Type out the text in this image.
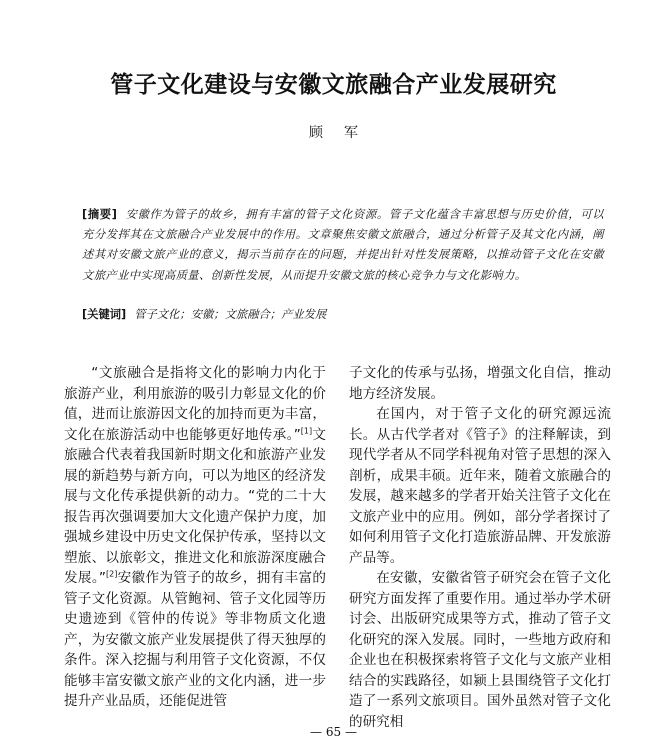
管子文化建设与安徽文旅融合产业发展研究
顾军
[摘要] 安徽作为管子的故乡，拥有丰富的管子文化资源。管子文化蕴含丰富思想与历史价值，可以充分发挥其在文旅融合产业发展中的作用。文章聚焦安徽文旅融合，通过分析管子及其文化内涵，阐述其对安徽文旅产业的意义，揭示当前存在的问题，并提出针对性发展策略，以推动管子文化在安徽文旅产业中实现高质量、创新性发展，从而提升安徽文旅的核心竞争力与文化影响力。
[关键词] 管子文化；安徽；文旅融合；产业发展

“文旅融合是指将文化的影响力内化于旅游产业，利用旅游的吸引力彰显文化的价值，进而让旅游因文化的加持而更为丰富，文化在旅游活动中也能够更好地传承。”[1]文旅融合代表着我国新时期文化和旅游产业发展的新趋势与新方向，可以为地区的经济发展与文化传承提供新的动力。“党的二十大报告再次强调要加大文化遗产保护力度，加强城乡建设中历史文化保护传承，坚持以文塑旅、以旅彰文，推进文化和旅游深度融合发展。”[2]安徽作为管子的故乡，拥有丰富的管子文化资源。从管鲍祠、管子文化园等历史遗迹到《管仲的传说》等非物质文化遗产，为安徽文旅产业发展提供了得天独厚的条件。深入挖掘与利用管子文化资源，不仅能够丰富安徽文旅产业的文化内涵，进一步提升产业品质，还能促进管

子文化的传承与弘扬，增强文化自信，推动地方经济发展。

在国内，对于管子文化的研究源远流长。从古代学者对《管子》的注释解读，到现代学者从不同学科视角对管子思想的深入剖析，成果丰硕。近年来，随着文旅融合的发展，越来越多的学者开始关注管子文化在文旅产业中的应用。例如，部分学者探讨了如何利用管子文化打造旅游品牌、开发旅游产品等。

在安徽，安徽省管子研究会在管子文化研究方面发挥了重要作用。通过举办学术研讨会、出版研究成果等方式，推动了管子文化研究的深入发展。同时，一些地方政府和企业也在积极探索将管子文化与文旅产业相结合的实践路径，如颍上县围绕管子文化打造了一系列文旅项目。国外虽然对管子文化的研究相

— 65 —
